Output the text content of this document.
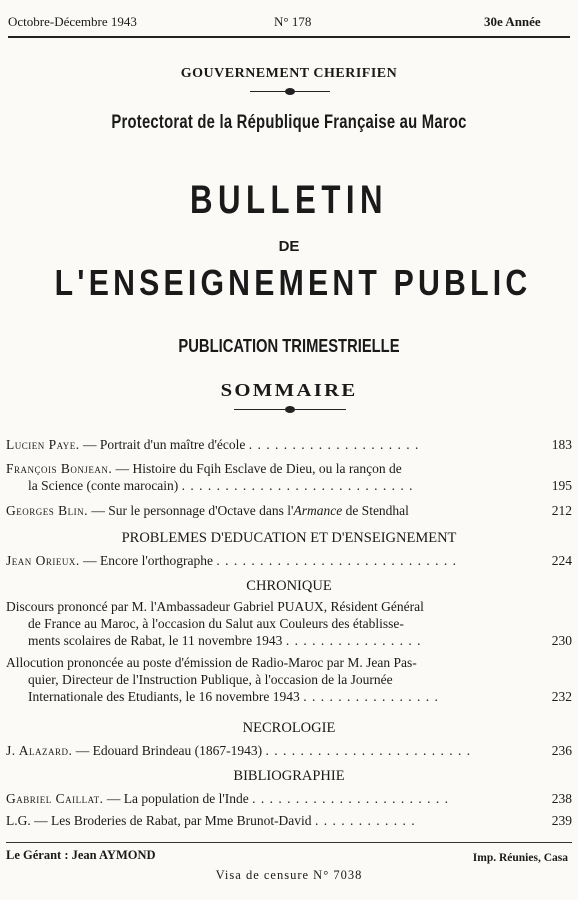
Octobre-Décembre 1943	N° 178	30e Année
GOUVERNEMENT CHERIFIEN
Protectorat de la République Française au Maroc
BULLETIN
DE
L'ENSEIGNEMENT PUBLIC
PUBLICATION TRIMESTRIELLE
SOMMAIRE
Lucien Paye. — Portrait d'un maître d'école . . . . . . . . . . . . . . . . . . . .	183
François Bonjean. — Histoire du Fqih Esclave de Dieu, ou la rançon de
la Science (conte marocain) . . . . . . . . . . . . . . . . . . . . . . . . . . .	195
Georges Blin. — Sur le personnage d'Octave dans l'Armance de Stendhal	212
PROBLEMES D'EDUCATION ET D'ENSEIGNEMENT
Jean Orieux. — Encore l'orthographe . . . . . . . . . . . . . . . . . . . . . . . . . . . .	224
CHRONIQUE
Discours prononcé par M. l'Ambassadeur Gabriel PUAUX, Résident Général
de France au Maroc, à l'occasion du Salut aux Couleurs des établisse-
ments scolaires de Rabat, le 11 novembre 1943 . . . . . . . . . . . . . . . .	230
Allocution prononcée au poste d'émission de Radio-Maroc par M. Jean Pas-
quier, Directeur de l'Instruction Publique, à l'occasion de la Journée
Internationale des Etudiants, le 16 novembre 1943 . . . . . . . . . . . . . . . .	232
NECROLOGIE
J. Alazard. — Edouard Brindeau (1867-1943) . . . . . . . . . . . . . . . . . . . . . . . .	236
BIBLIOGRAPHIE
Gabriel Caillat. — La population de l'Inde . . . . . . . . . . . . . . . . . . . . . . .	238
L.G. — Les Broderies de Rabat, par Mme Brunot-David . . . . . . . . . . . .	239
Le Gérant : Jean AYMOND	Imp. Réunies, Casa
Visa de censure N° 7038
